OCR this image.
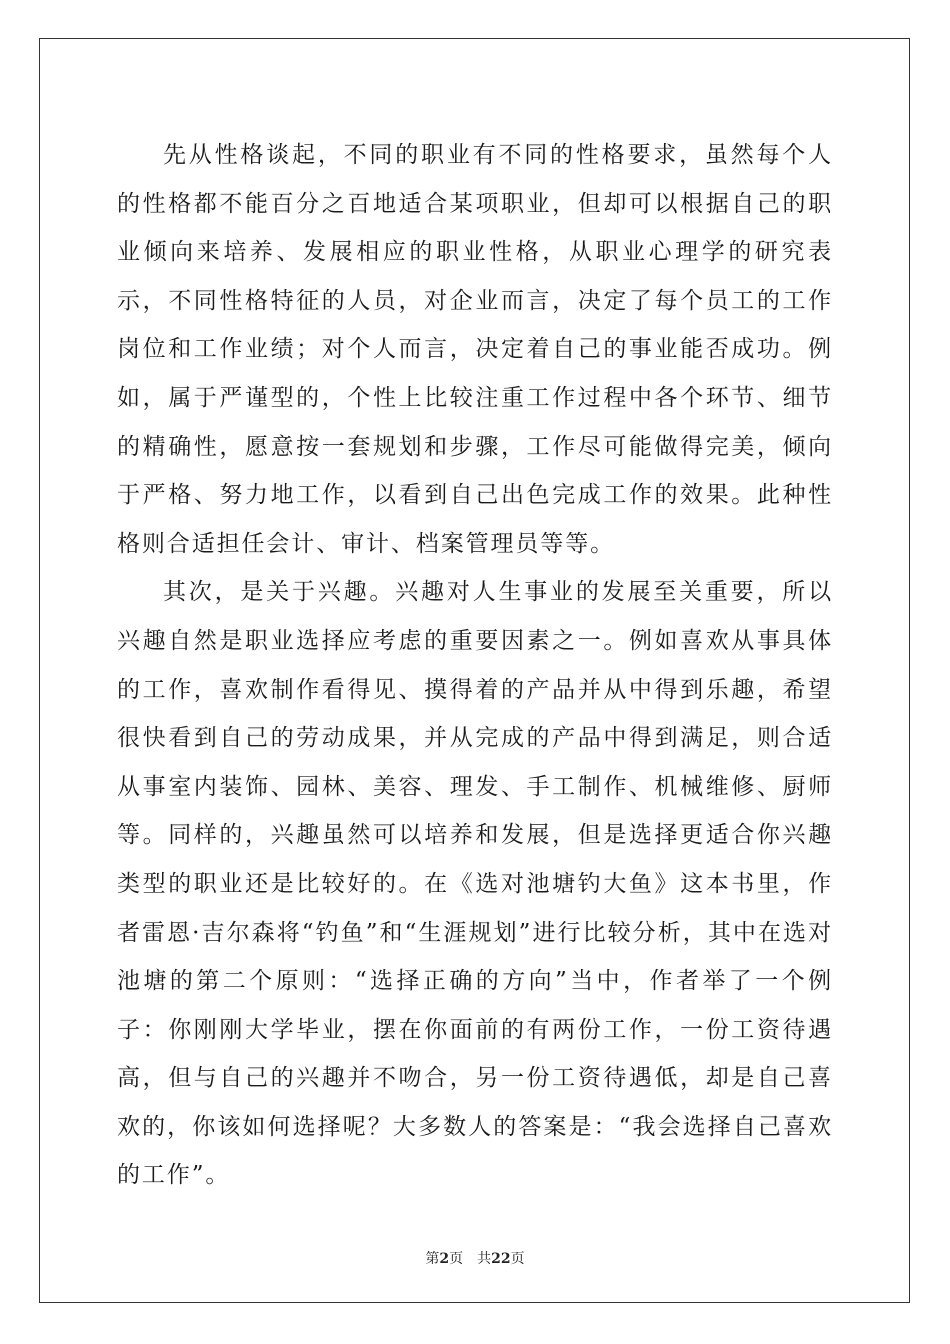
先从性格谈起，不同的职业有不同的性格要求，虽然每个人的性格都不能百分之百地适合某项职业，但却可以根据自己的职业倾向来培养、发展相应的职业性格，从职业心理学的研究表示，不同性格特征的人员，对企业而言，决定了每个员工的工作岗位和工作业绩；对个人而言，决定着自己的事业能否成功。例如，属于严谨型的，个性上比较注重工作过程中各个环节、细节的精确性，愿意按一套规划和步骤，工作尽可能做得完美，倾向于严格、努力地工作，以看到自己出色完成工作的效果。此种性格则合适担任会计、审计、档案管理员等等。

其次，是关于兴趣。兴趣对人生事业的发展至关重要，所以兴趣自然是职业选择应考虑的重要因素之一。例如喜欢从事具体的工作，喜欢制作看得见、摸得着的产品并从中得到乐趣，希望很快看到自己的劳动成果，并从完成的产品中得到满足，则合适从事室内装饰、园林、美容、理发、手工制作、机械维修、厨师等。同样的，兴趣虽然可以培养和发展，但是选择更适合你兴趣类型的职业还是比较好的。在《选对池塘钓大鱼》这本书里，作者雷恩·吉尔森将“钓鱼”和“生涯规划”进行比较分析，其中在选对池塘的第二个原则：“选择正确的方向”当中，作者举了一个例子：你刚刚大学毕业，摆在你面前的有两份工作，一份工资待遇高，但与自己的兴趣并不吻合，另一份工资待遇低，却是自己喜欢的，你该如何选择呢？大多数人的答案是：“我会选择自己喜欢的工作”。

第2页 共22页
